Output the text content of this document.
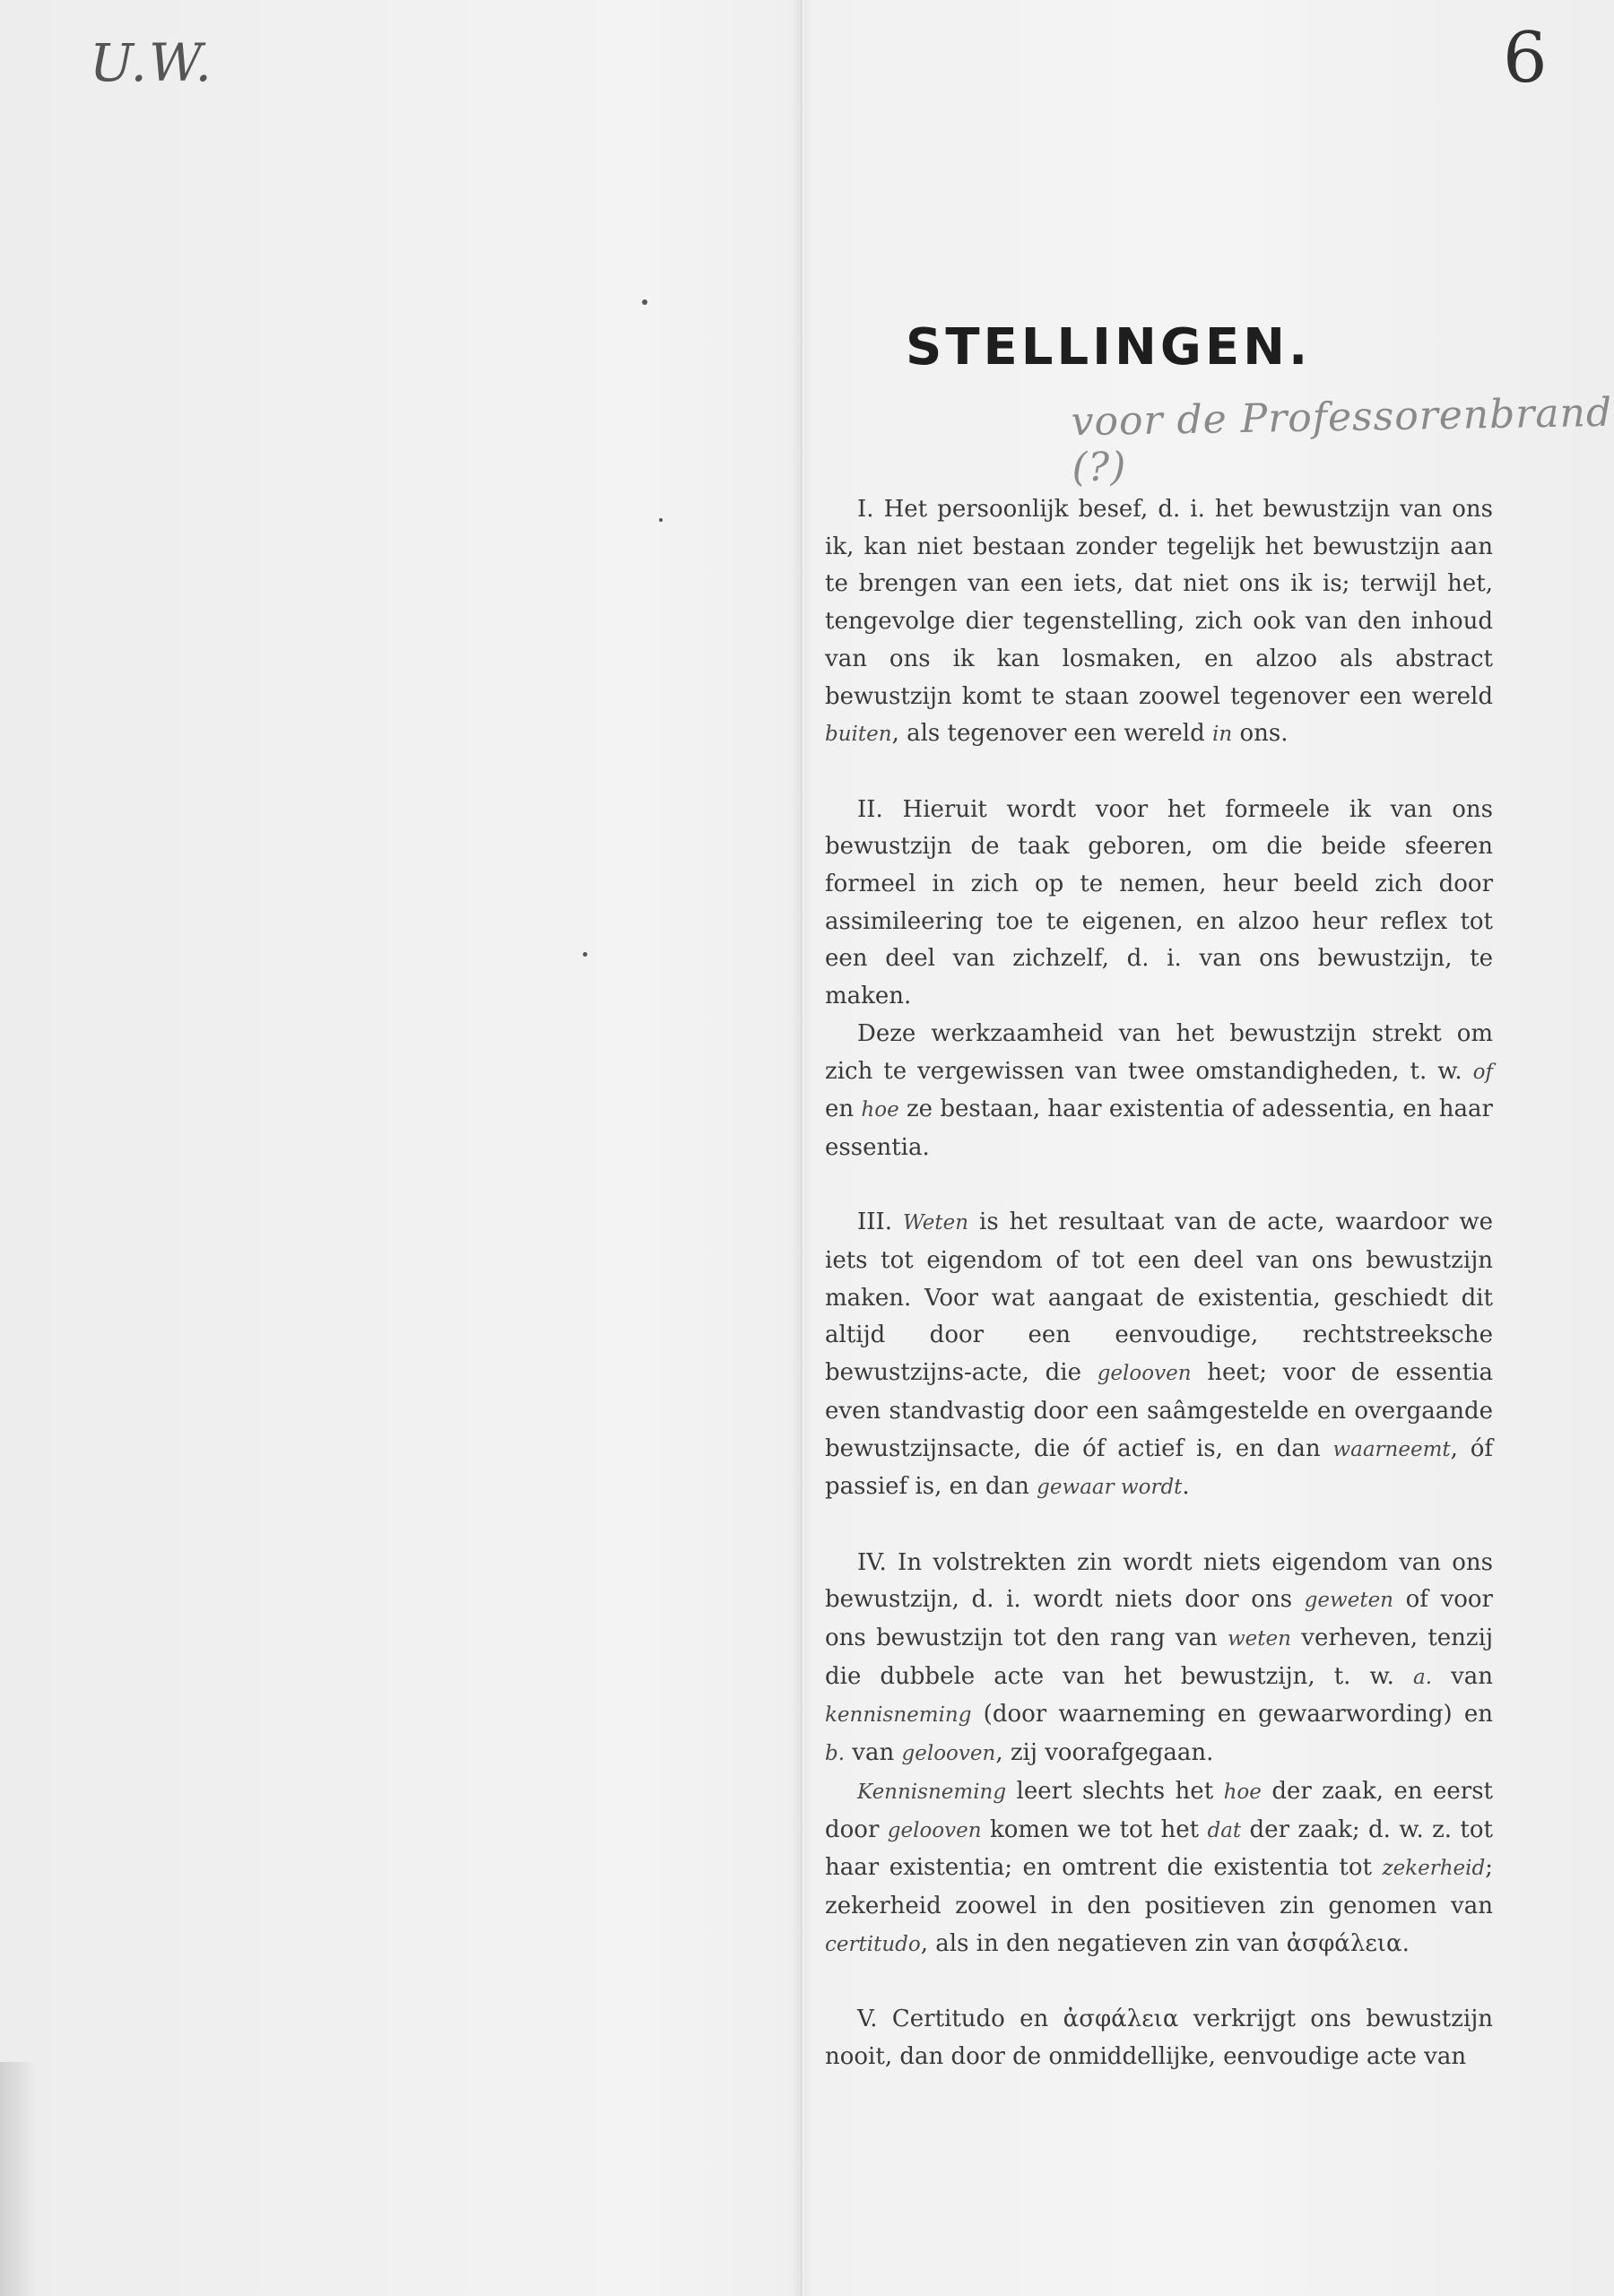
U.W.	6
STELLINGEN.
voor de Professorenbrand (?)

I. Het persoonlijk besef, d. i. het bewustzijn van ons ik, kan niet bestaan zonder tegelijk het bewustzijn aan te brengen van een iets, dat niet ons ik is; terwijl het, tengevolge dier tegenstelling, zich ook van den inhoud van ons ik kan losmaken, en alzoo als abstract bewustzijn komt te staan zoowel tegenover een wereld buiten, als tegenover een wereld in ons.

II. Hieruit wordt voor het formeele ik van ons bewustzijn de taak geboren, om die beide sfeeren formeel in zich op te nemen, heur beeld zich door assimileering toe te eigenen, en alzoo heur reflex tot een deel van zichzelf, d. i. van ons bewustzijn, te maken.

Deze werkzaamheid van het bewustzijn strekt om zich te vergewissen van twee omstandigheden, t. w. of en hoe ze bestaan, haar existentia of adessentia, en haar essentia.

III. Weten is het resultaat van de acte, waardoor we iets tot eigendom of tot een deel van ons bewustzijn maken. Voor wat aangaat de existentia, geschiedt dit altijd door een eenvoudige, rechtstreeksche bewustzijns-acte, die gelooven heet; voor de essentia even standvastig door een saâmgestelde en overgaande bewustzijnsacte, die óf actief is, en dan waarneemt, óf passief is, en dan gewaar wordt.

IV. In volstrekten zin wordt niets eigendom van ons bewustzijn, d. i. wordt niets door ons geweten of voor ons bewustzijn tot den rang van weten verheven, tenzij die dubbele acte van het bewustzijn, t. w. a. van kennisneming (door waarneming en gewaarwording) en b. van gelooven, zij voorafgegaan.

Kennisneming leert slechts het hoe der zaak, en eerst door gelooven komen we tot het dat der zaak; d. w. z. tot haar existentia; en omtrent die existentia tot zekerheid; zekerheid zoowel in den positieven zin genomen van certitudo, als in den negatieven zin van ἀσφάλεια.

V. Certitudo en ἀσφάλεια verkrijgt ons bewustzijn nooit, dan door de onmiddellijke, eenvoudige acte van
